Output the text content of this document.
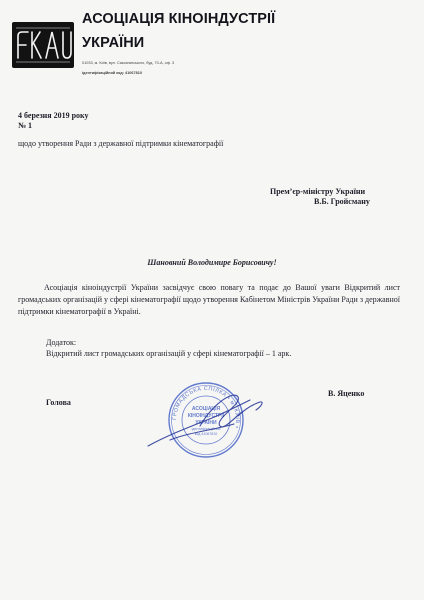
АСОЦІАЦІЯ КІНОІНДУСТРІЇ
УКРАЇНИ
01033, м. Київ, вул. Саксаганського, буд. 70-А, оф. 3
ідентифікаційний код: 41067810
4 березня 2019 року
№ 1
щодо утворення Ради з державної підтримки кінематографії
Прем’єр-міністру України
В.Б. Гройсману
Шановний Володимире Борисовичу!
Асоціація кіноіндустрії України засвідчує свою повагу та подає до Вашої уваги Відкритий лист громадських організацій у сфері кінематографії щодо утворення Кабінетом Міністрів України Ради з державної підтримки кінематографії в Україні.
Додаток:
Відкритий лист громадських організацій у сфері кінематографії – 1 арк.
Голова
В. Яценко
ГРОМАДСЬКА СПІЛКА • м. КИЇВ •
АСОЦІАЦІЯ
КІНОІНДУСТРІЇ
УКРАЇНИ
ідентифікаційний
код 41067810
